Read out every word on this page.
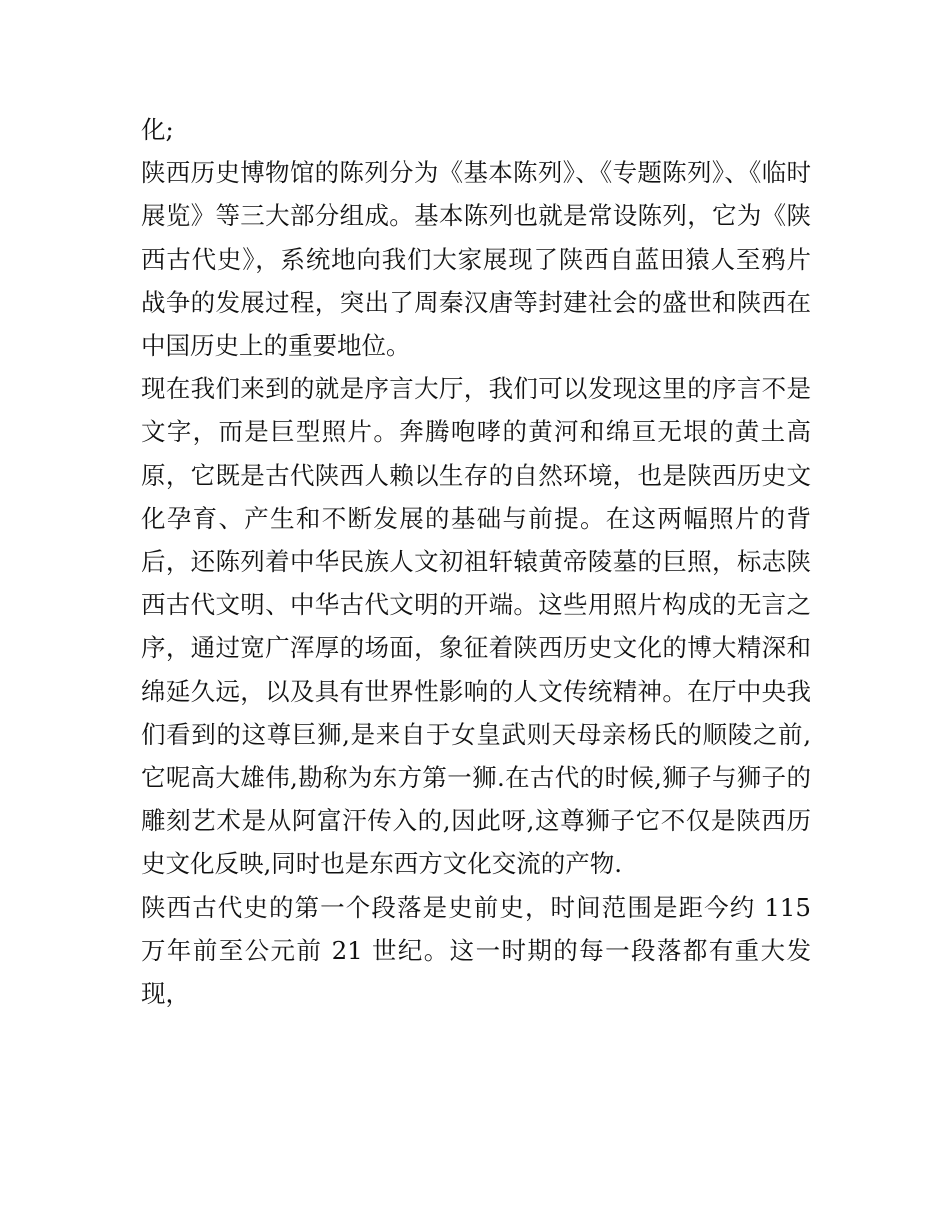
化;

陕西历史博物馆的陈列分为《基本陈列》、《专题陈列》、《临时展览》等三大部分组成。基本陈列也就是常设陈列，它为《陕西古代史》，系统地向我们大家展现了陕西自蓝田猿人至鸦片战争的发展过程，突出了周秦汉唐等封建社会的盛世和陕西在中国历史上的重要地位。

现在我们来到的就是序言大厅，我们可以发现这里的序言不是文字，而是巨型照片。奔腾咆哮的黄河和绵亘无垠的黄土高原，它既是古代陕西人赖以生存的自然环境，也是陕西历史文化孕育、产生和不断发展的基础与前提。在这两幅照片的背后，还陈列着中华民族人文初祖轩辕黄帝陵墓的巨照，标志陕西古代文明、中华古代文明的开端。这些用照片构成的无言之序，通过宽广浑厚的场面，象征着陕西历史文化的博大精深和绵延久远，以及具有世界性影响的人文传统精神。在厅中央我们看到的这尊巨狮,是来自于女皇武则天母亲杨氏的顺陵之前,它呢高大雄伟,勘称为东方第一狮.在古代的时候,狮子与狮子的雕刻艺术是从阿富汗传入的,因此呀,这尊狮子它不仅是陕西历史文化反映,同时也是东西方文化交流的产物.

陕西古代史的第一个段落是史前史，时间范围是距今约 115 万年前至公元前 21 世纪。这一时期的每一段落都有重大发现，
